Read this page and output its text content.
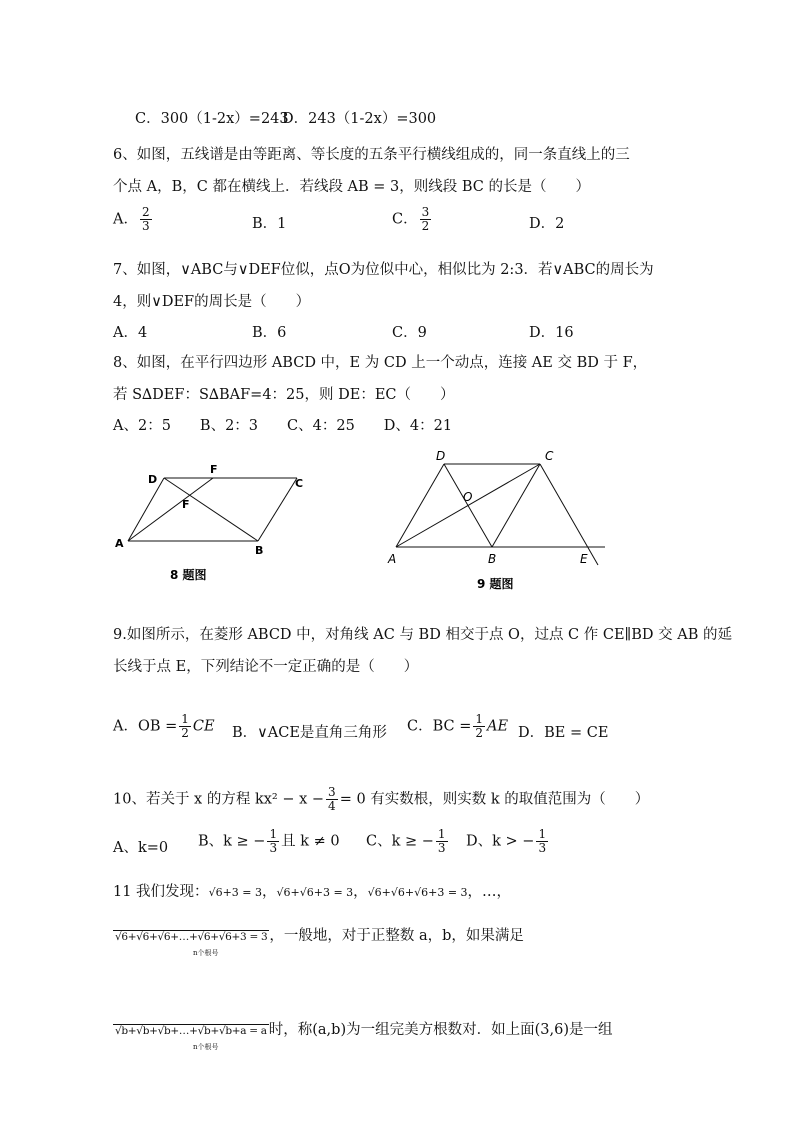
C．300（1-2x）=243
D．243（1-2x）=300
6、如图，五线谱是由等距离、等长度的五条平行横线组成的，同一条直线上的三
个点 A，B，C 都在横线上．若线段 AB = 3，则线段 BC 的长是（　　）
A． $\frac{2}{3}$	B．1	C． $\frac{3}{2}$	D．2
7、如图，∨ABC与∨DEF位似，点O为位似中心，相似比为 2:3．若∨ABC的周长为
4，则∨DEF的周长是（　　）
A．4	B．6	C．9	D．16
8、如图，在平行四边形 ABCD 中，E 为 CD 上一个动点，连接 AE 交 BD 于 F，
若 S∆DEF：S∆BAF=4：25，则 DE：EC（　　）
A、2：5　　B、2：3　　C、4：25　　D、4：21
A
B
C
D
F
F
8 题图
A	B
C
D
E
O
9 题图
9.如图所示，在菱形 ABCD 中，对角线 AC 与 BD 相交于点 O，过点 C 作 CE∥BD 交 AB 的延
长线于点 E，下列结论不一定正确的是（　　）
A．OB = $\frac{1}{2}$ CE B．∨ACE是直角三角形 C．BC = $\frac{1}{2}$ AE D．BE = CE
10、若关于 x 的方程 $kx^2 - x - \frac{3}{4} = 0$ 有实数根，则实数 k 的取值范围为（　　）
A、k=0 B、k ≥ − $\frac{1}{3}$ 且 k ≠ 0 C、k ≥ − $\frac{1}{3}$ D、k > − $\frac{1}{3}$
11 我们发现：√6+3 = 3，√6+√6+3 = 3，√6+√6+√6+3 = 3，…，
√6+√6+√6+…+√6+√6+3 = 3
n个根号
，一般地，对于正整数 a，b，如果满足
√b+√b+√b+…+√b+√b+a = a
n个根号
时，称(a,b)为一组完美方根数对．如上面(3,6)是一组
